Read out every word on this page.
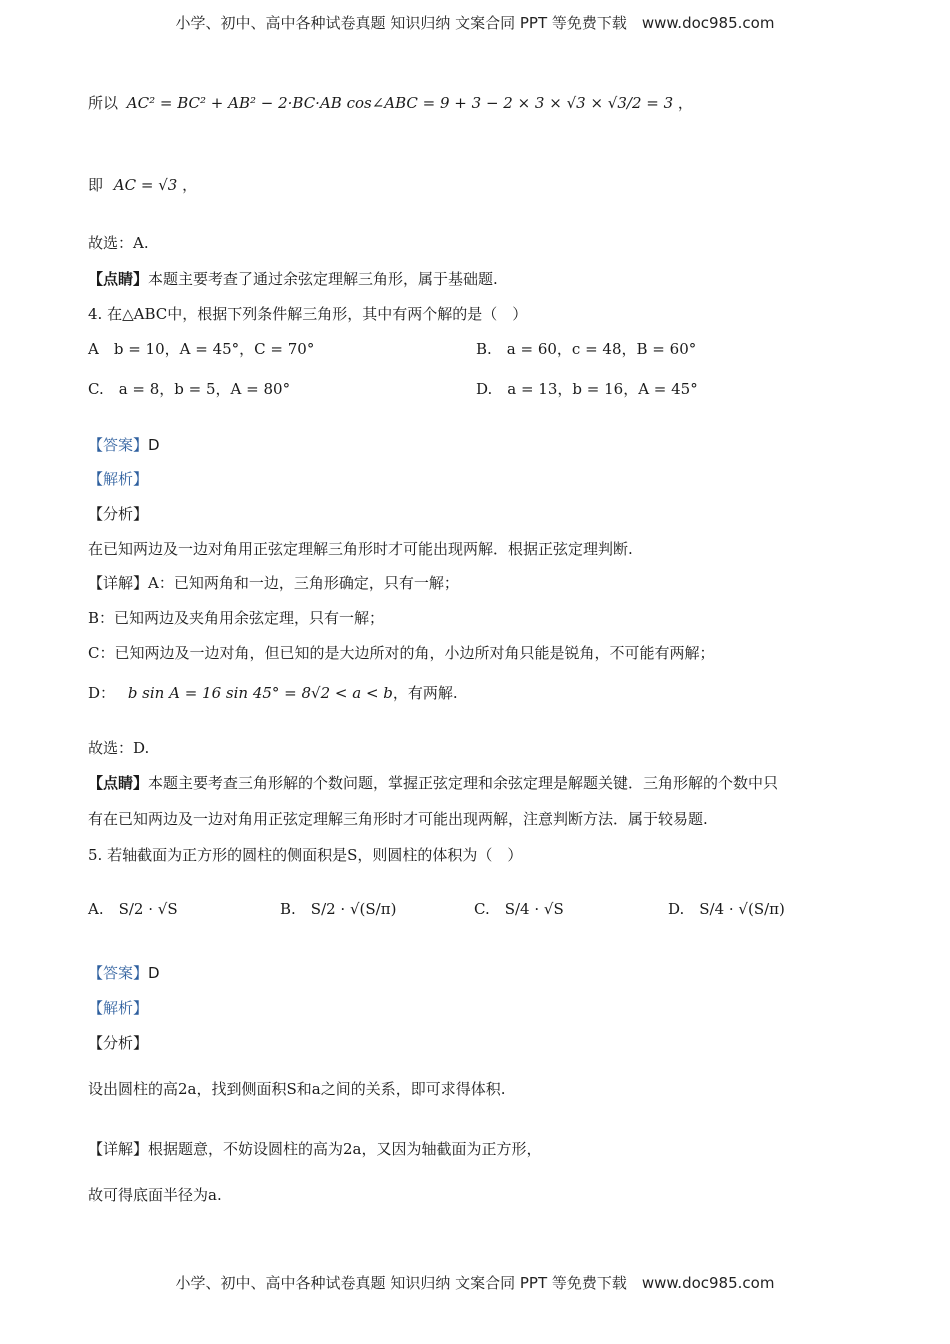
小学、初中、高中各种试卷真题 知识归纳 文案合同 PPT 等免费下载　www.doc985.com
所以 AC² = BC² + AB² − 2·BC·AB cos∠ABC = 9 + 3 − 2 × 3 × √3 × √3/2 = 3 ，
即 AC = √3 ，
故选：A.
【点睛】本题主要考查了通过余弦定理解三角形，属于基础题.
4. 在△ABC中，根据下列条件解三角形，其中有两个解的是（　）
A　b = 10，A = 45°，C = 70°	B.　a = 60，c = 48，B = 60°
C.　a = 8，b = 5，A = 80°	D.　a = 13，b = 16，A = 45°
【答案】D
【解析】
【分析】
在已知两边及一边对角用正弦定理解三角形时才可能出现两解．根据正弦定理判断.
【详解】A：已知两角和一边，三角形确定，只有一解；
B：已知两边及夹角用余弦定理，只有一解；
C：已知两边及一边对角，但已知的是大边所对的角，小边所对角只能是锐角，不可能有两解；
D： b sin A = 16 sin 45° = 8√2 < a < b，有两解.
故选：D.
【点睛】本题主要考查三角形解的个数问题，掌握正弦定理和余弦定理是解题关键．三角形解的个数中只
有在已知两边及一边对角用正弦定理解三角形时才可能出现两解，注意判断方法．属于较易题.
5. 若轴截面为正方形的圆柱的侧面积是S，则圆柱的体积为（　）
A.　S/2 · √S	B.　S/2 · √(S/π)	C.　S/4 · √S	D.　S/4 · √(S/π)
【答案】D
【解析】
【分析】
设出圆柱的高2a，找到侧面积S和a之间的关系，即可求得体积.
【详解】根据题意，不妨设圆柱的高为2a，又因为轴截面为正方形，
故可得底面半径为a.
小学、初中、高中各种试卷真题 知识归纳 文案合同 PPT 等免费下载　www.doc985.com
